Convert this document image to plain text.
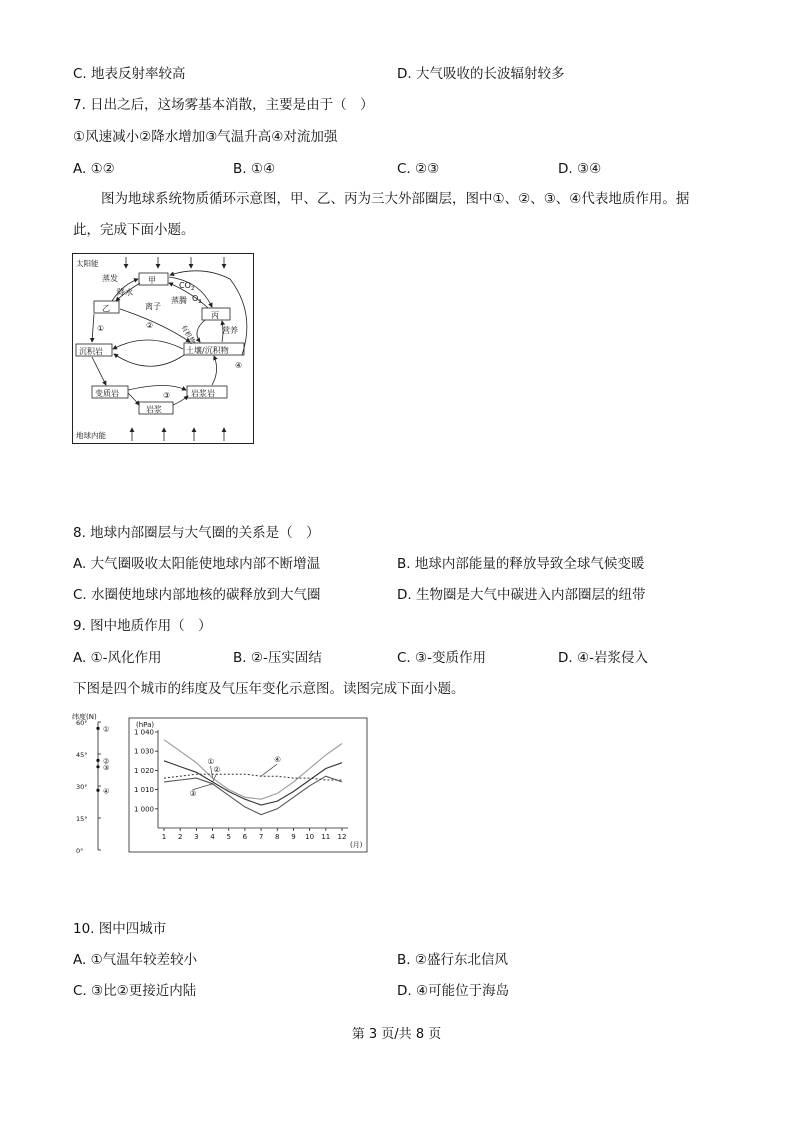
C. 地表反射率较高	D. 大气吸收的长波辐射较多
7. 日出之后，这场雾基本消散，主要是由于（　）
①风速减小②降水增加③气温升高④对流加强
A. ①②	B. ①④	C. ②③	D. ③④
图为地球系统物质循环示意图，甲、乙、丙为三大外部圈层，图中①、②、③、④代表地质作用。据
此，完成下面小题。
太阳能
甲
乙
丙
沉积岩	土壤/沉积物
变质岩	岩浆岩
岩浆
蒸发
降水
$CO_2$
蒸腾 $O_2$
离子
有机物	营养
①	②
③
④
地球内能
8. 地球内部圈层与大气圈的关系是（　）
A. 大气圈吸收太阳能使地球内部不断增温	B. 地球内部能量的释放导致全球气候变暖
C. 水圈使地球内部地核的碳释放到大气圈	D. 生物圈是大气中碳进入内部圈层的纽带
9. 图中地质作用（　）
A. ①-风化作用	B. ②-压实固结	C. ③-变质作用	D. ④-岩浆侵入
下图是四个城市的纬度及气压年变化示意图。读图完成下面小题。
纬度(N)
60°
45°
30°
15°
0°
①
②
③
④
(hPa)
1 000
1 010
1 020
1 030
1 040
1 2 3 4 5 6 7 8 9 10 11 12
(月)
①
②
③
④
10. 图中四城市
A. ①气温年较差较小	B. ②盛行东北信风
C. ③比②更接近内陆	D. ④可能位于海岛
第 3 页/共 8 页
